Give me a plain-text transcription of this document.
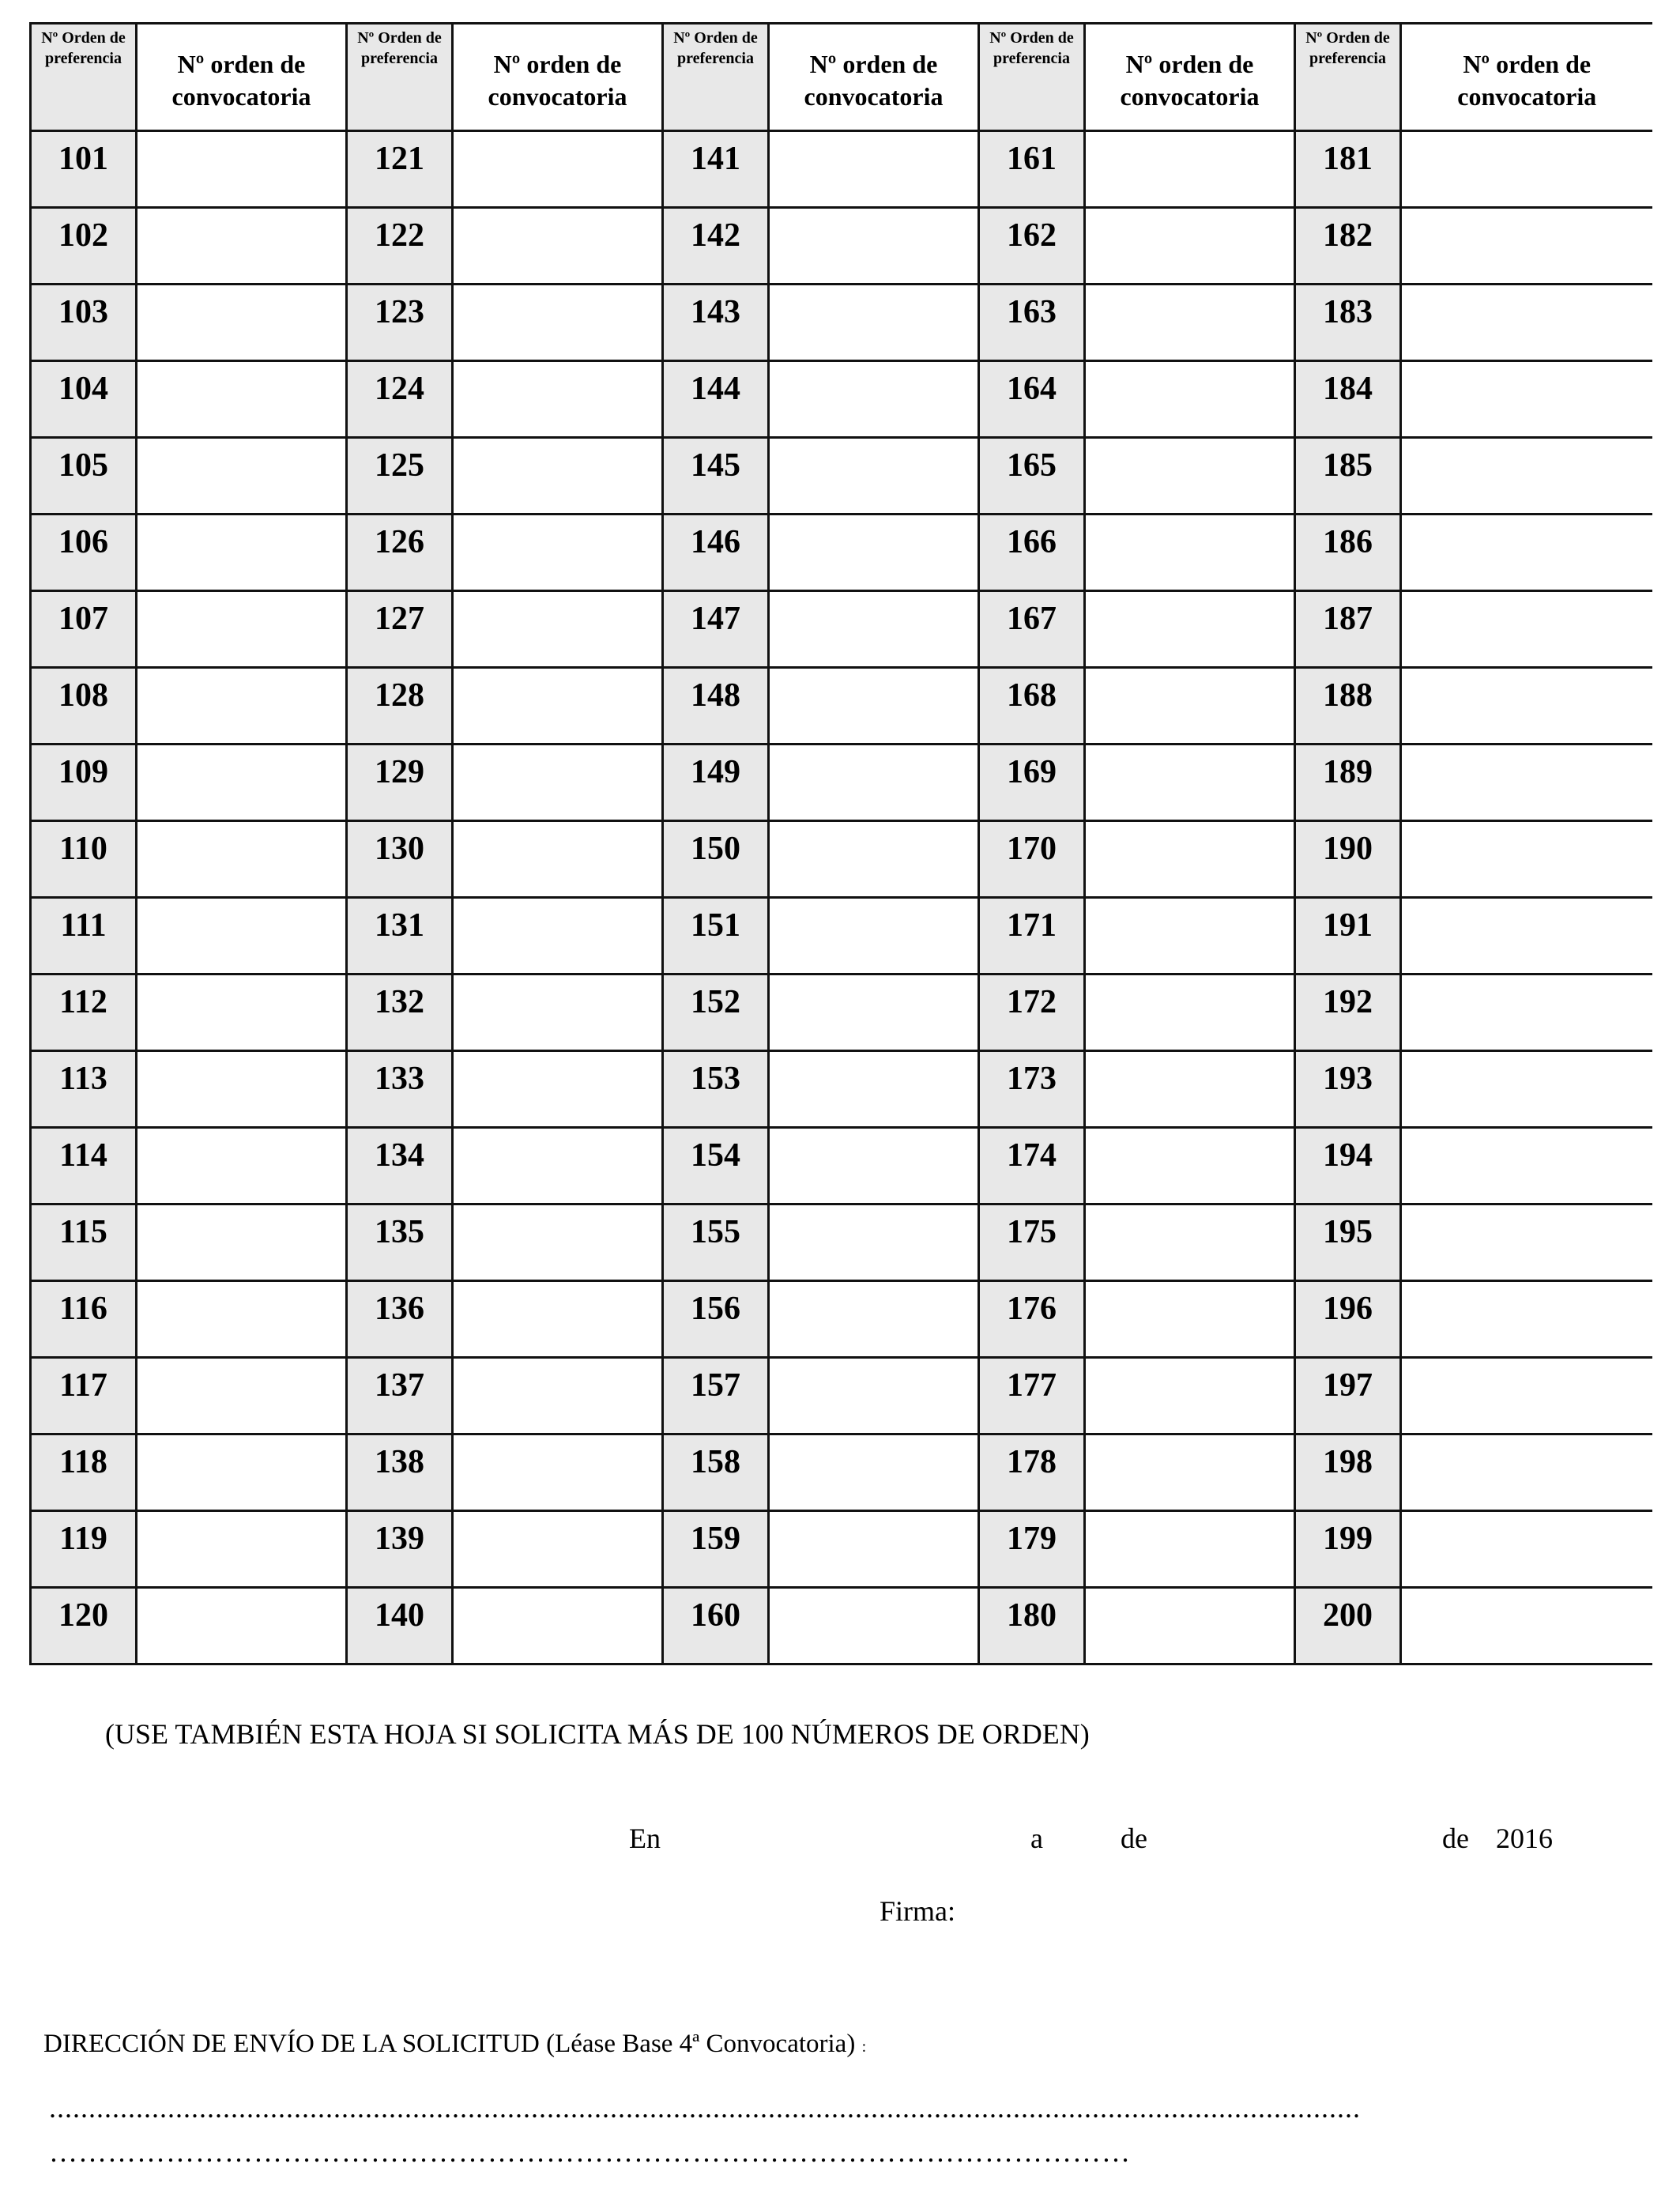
Nº Orden de preferencia	Nº orden de convocatoria	Nº Orden de preferencia	Nº orden de convocatoria	Nº Orden de preferencia	Nº orden de convocatoria	Nº Orden de preferencia	Nº orden de convocatoria	Nº Orden de preferencia	Nº orden de convocatoria
101		121		141		161		181	
102		122		142		162		182	
103		123		143		163		183	
104		124		144		164		184	
105		125		145		165		185	
106		126		146		166		186	
107		127		147		167		187	
108		128		148		168		188	
109		129		149		169		189	
110		130		150		170		190	
111		131		151		171		191	
112		132		152		172		192	
113		133		153		173		193	
114		134		154		174		194	
115		135		155		175		195	
116		136		156		176		196	
117		137		157		177		197	
118		138		158		178		198	
119		139		159		179		199	
120		140		160		180		200	
(USE TAMBIÉN ESTA HOJA SI SOLICITA MÁS DE 100 NÚMEROS DE ORDEN)
En	a	de	de 2016
Firma:
DIRECCIÓN DE ENVÍO DE LA SOLICITUD (Léase Base 4ª Convocatoria) :
......................................................................................................................................................................
…………………………………………………………………………………………………
